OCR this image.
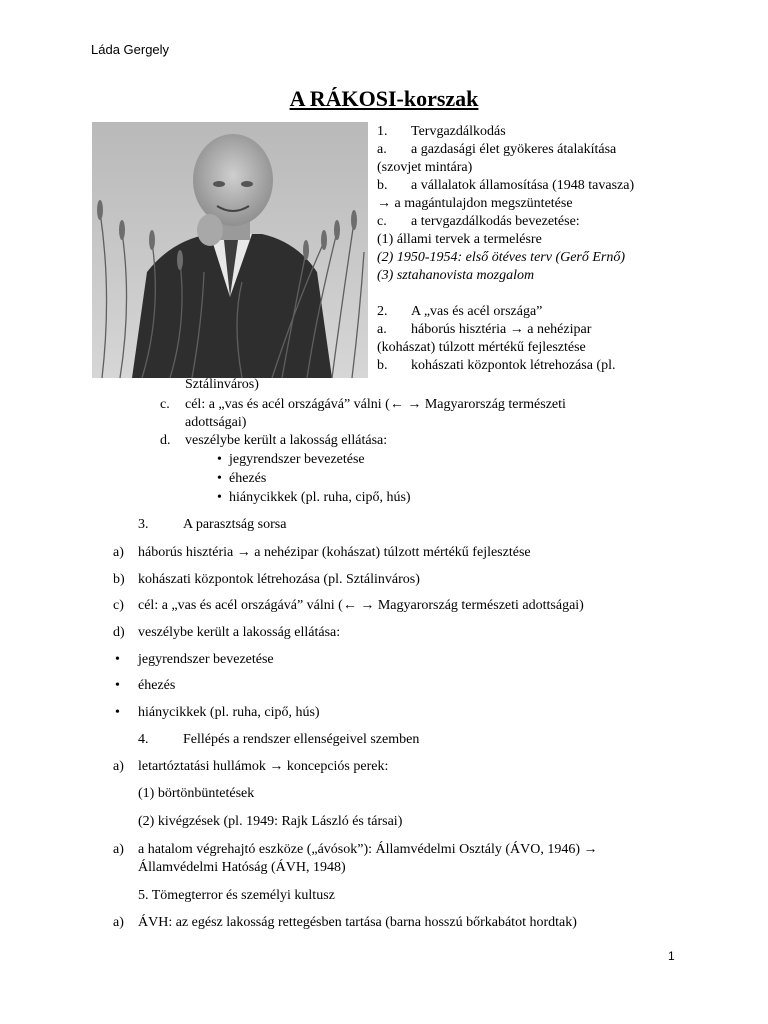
Láda Gergely
A RÁKOSI-korszak
1. Tervgazdálkodás
a. a gazdasági élet gyökeres átalakítása
(szovjet mintára)
b. a vállalatok államosítása (1948 tavasza)
→ a magántulajdon megszüntetése
c. a tervgazdálkodás bevezetése:
(1) állami tervek a termelésre
(2) 1950-1954: első ötéves terv (Gerő Ernő)
(3) sztahanovista mozgalom
2. A „vas és acél országa”
a. háborús hisztéria → a nehézipar
(kohászat) túlzott mértékű fejlesztése
b. kohászati központok létrehozása (pl.
Sztálinváros)
c. cél: a „vas és acél országává” válni (← → Magyarország természeti
adottságai)
d. veszélybe került a lakosság ellátása:
• jegyrendszer bevezetése
• éhezés
• hiánycikkek (pl. ruha, cipő, hús)
3. A parasztság sorsa
a) háborús hisztéria → a nehézipar (kohászat) túlzott mértékű fejlesztése
b) kohászati központok létrehozása (pl. Sztálinváros)
c) cél: a „vas és acél országává” válni (← → Magyarország természeti adottságai)
d) veszélybe került a lakosság ellátása:
• jegyrendszer bevezetése
• éhezés
• hiánycikkek (pl. ruha, cipő, hús)
4. Fellépés a rendszer ellenségeivel szemben
a) letartóztatási hullámok → koncepciós perek:
(1) börtönbüntetések
(2) kivégzések (pl. 1949: Rajk László és társai)
a) a hatalom végrehajtó eszköze („ávósok”): Államvédelmi Osztály (ÁVO, 1946) →
Államvédelmi Hatóság (ÁVH, 1948)
5. Tömegterror és személyi kultusz
a) ÁVH: az egész lakosság rettegésben tartása (barna hosszú bőrkabátot hordtak)
1
